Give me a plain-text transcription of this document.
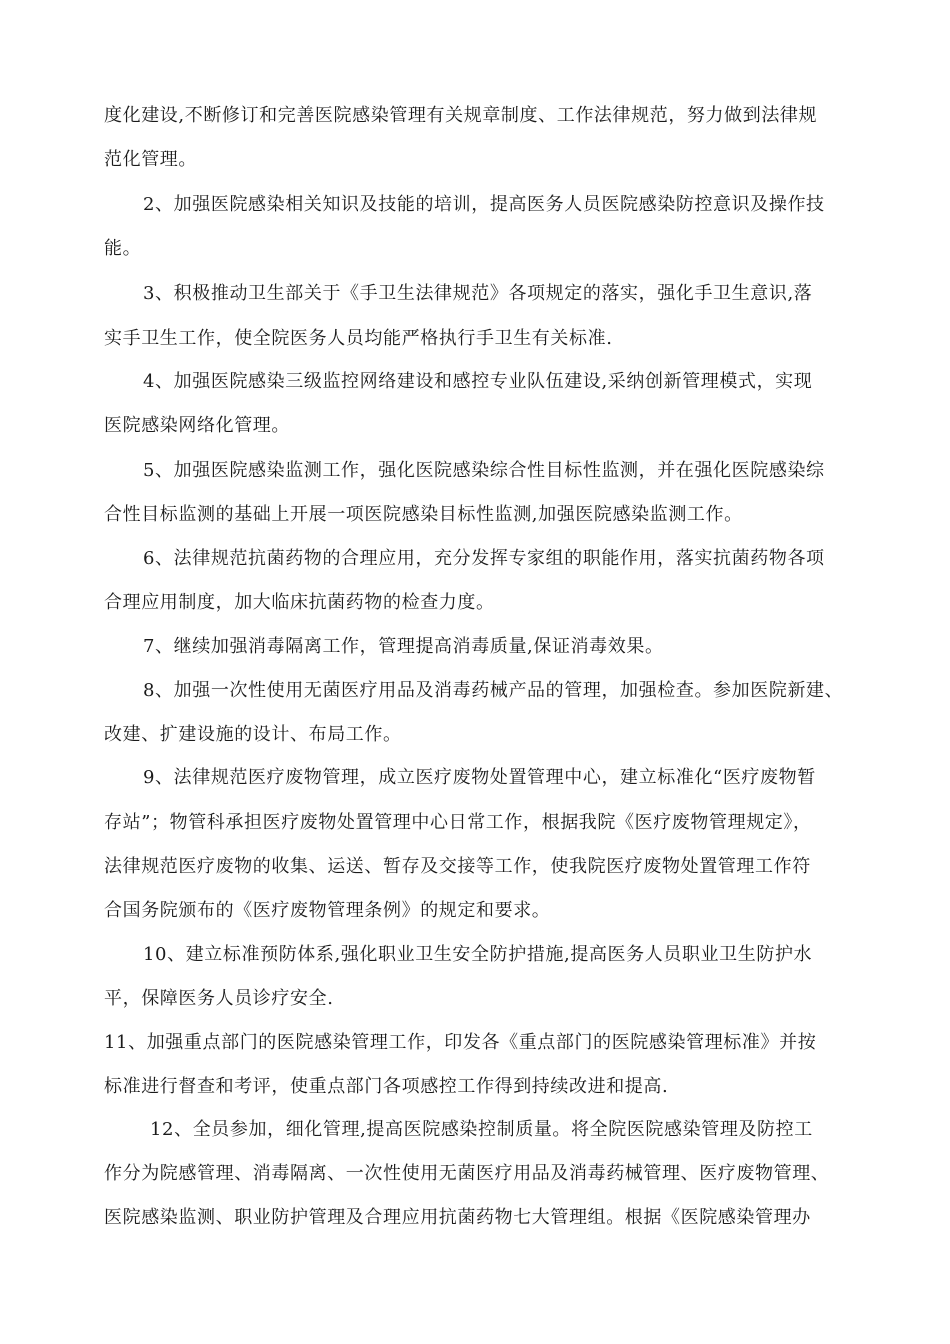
度化建设,不断修订和完善医院感染管理有关规章制度、工作法律规范，努力做到法律规
范化管理。
2、加强医院感染相关知识及技能的培训，提高医务人员医院感染防控意识及操作技
能。
3、积极推动卫生部关于《手卫生法律规范》各项规定的落实，强化手卫生意识,落
实手卫生工作，使全院医务人员均能严格执行手卫生有关标准.
4、加强医院感染三级监控网络建设和感控专业队伍建设,采纳创新管理模式，实现
医院感染网络化管理。
5、加强医院感染监测工作，强化医院感染综合性目标性监测，并在强化医院感染综
合性目标监测的基础上开展一项医院感染目标性监测,加强医院感染监测工作。
6、法律规范抗菌药物的合理应用，充分发挥专家组的职能作用，落实抗菌药物各项
合理应用制度，加大临床抗菌药物的检查力度。
7、继续加强消毒隔离工作，管理提高消毒质量,保证消毒效果。
8、加强一次性使用无菌医疗用品及消毒药械产品的管理，加强检查。参加医院新建、
改建、扩建设施的设计、布局工作。
9、法律规范医疗废物管理，成立医疗废物处置管理中心，建立标准化“医疗废物暂
存站”；物管科承担医疗废物处置管理中心日常工作，根据我院《医疗废物管理规定》，
法律规范医疗废物的收集、运送、暂存及交接等工作，使我院医疗废物处置管理工作符
合国务院颁布的《医疗废物管理条例》的规定和要求。
10、建立标准预防体系,强化职业卫生安全防护措施,提高医务人员职业卫生防护水
平，保障医务人员诊疗安全.
11、加强重点部门的医院感染管理工作，印发各《重点部门的医院感染管理标准》并按
标准进行督查和考评，使重点部门各项感控工作得到持续改进和提高.
12、全员参加，细化管理,提高医院感染控制质量。将全院医院感染管理及防控工
作分为院感管理、消毒隔离、一次性使用无菌医疗用品及消毒药械管理、医疗废物管理、
医院感染监测、职业防护管理及合理应用抗菌药物七大管理组。根据《医院感染管理办
